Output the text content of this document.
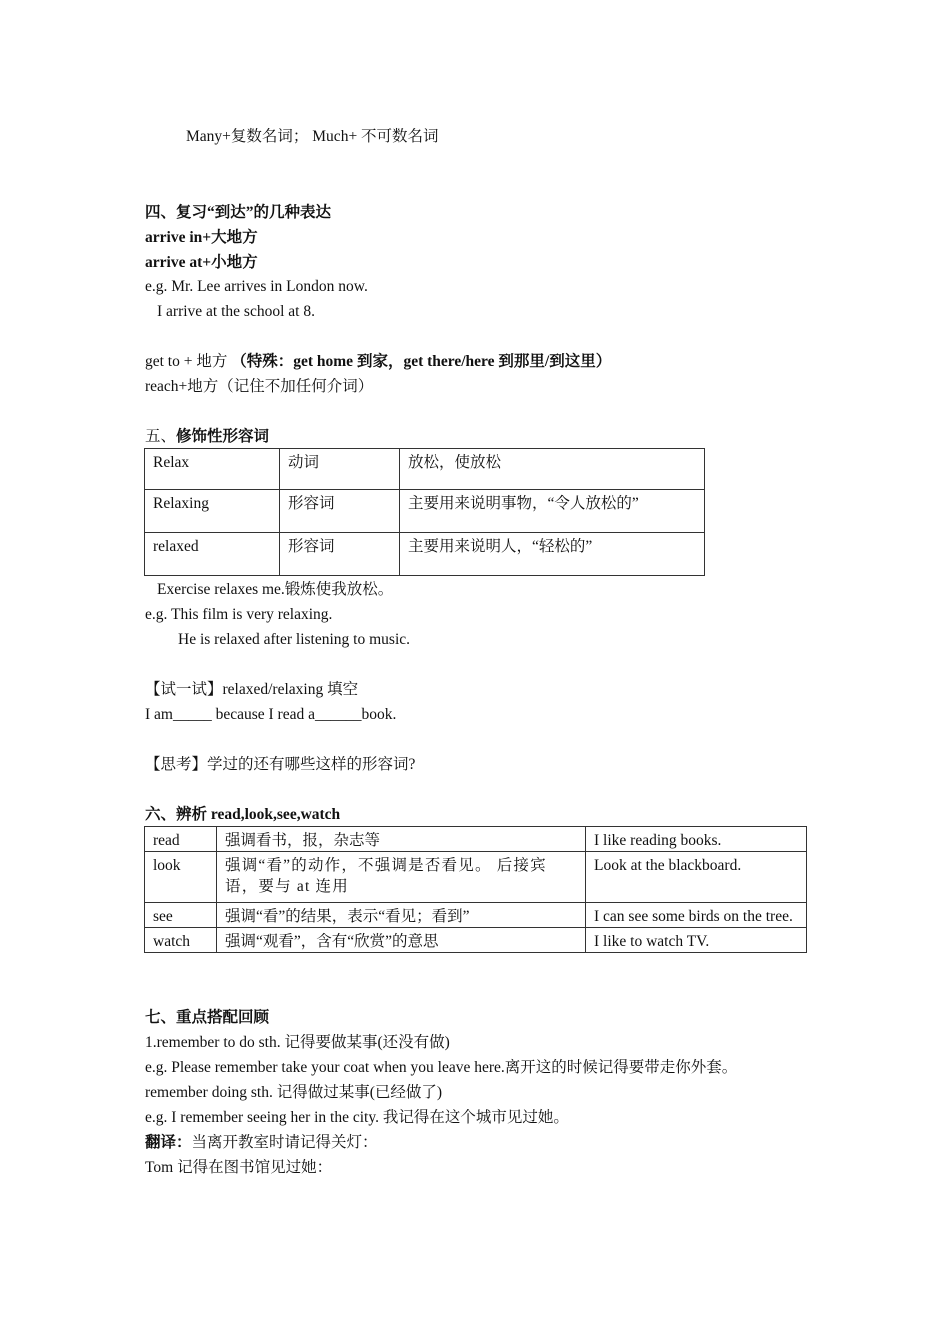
Many+复数名词； Much+ 不可数名词
四、复习“到达”的几种表达
arrive in+大地方
arrive at+小地方
e.g. Mr. Lee arrives in London now.
I arrive at the school at 8.
get to + 地方 （特殊：get home 到家，get there/here 到那里/到这里）
reach+地方（记住不加任何介词）
五、修饰性形容词
Relax	动词	放松，使放松
Relaxing	形容词	主要用来说明事物，“令人放松的”
relaxed	形容词	主要用来说明人，“轻松的”
Exercise relaxes me.锻炼使我放松。
e.g. This film is very relaxing.
He is relaxed after listening to music.
【试一试】relaxed/relaxing 填空
I am_____ because I read a______book.
【思考】学过的还有哪些这样的形容词?
六、辨析 read,look,see,watch
read	强调看书，报，杂志等	I like reading books.
look	强调“看”的动作，不强调是否看见。 后接宾语，要与 at 连用	Look at the blackboard.
see	强调“看”的结果，表示“看见；看到”	I can see some birds on the tree.
watch	强调“观看”，含有“欣赏”的意思	I like to watch TV.
七、重点搭配回顾
1.remember to do sth. 记得要做某事(还没有做)
e.g. Please remember take your coat when you leave here.离开这的时候记得要带走你外套。
remember doing sth. 记得做过某事(已经做了)
e.g. I remember seeing her in the city. 我记得在这个城市见过她。
翻译：当离开教室时请记得关灯：
Tom 记得在图书馆见过她：
